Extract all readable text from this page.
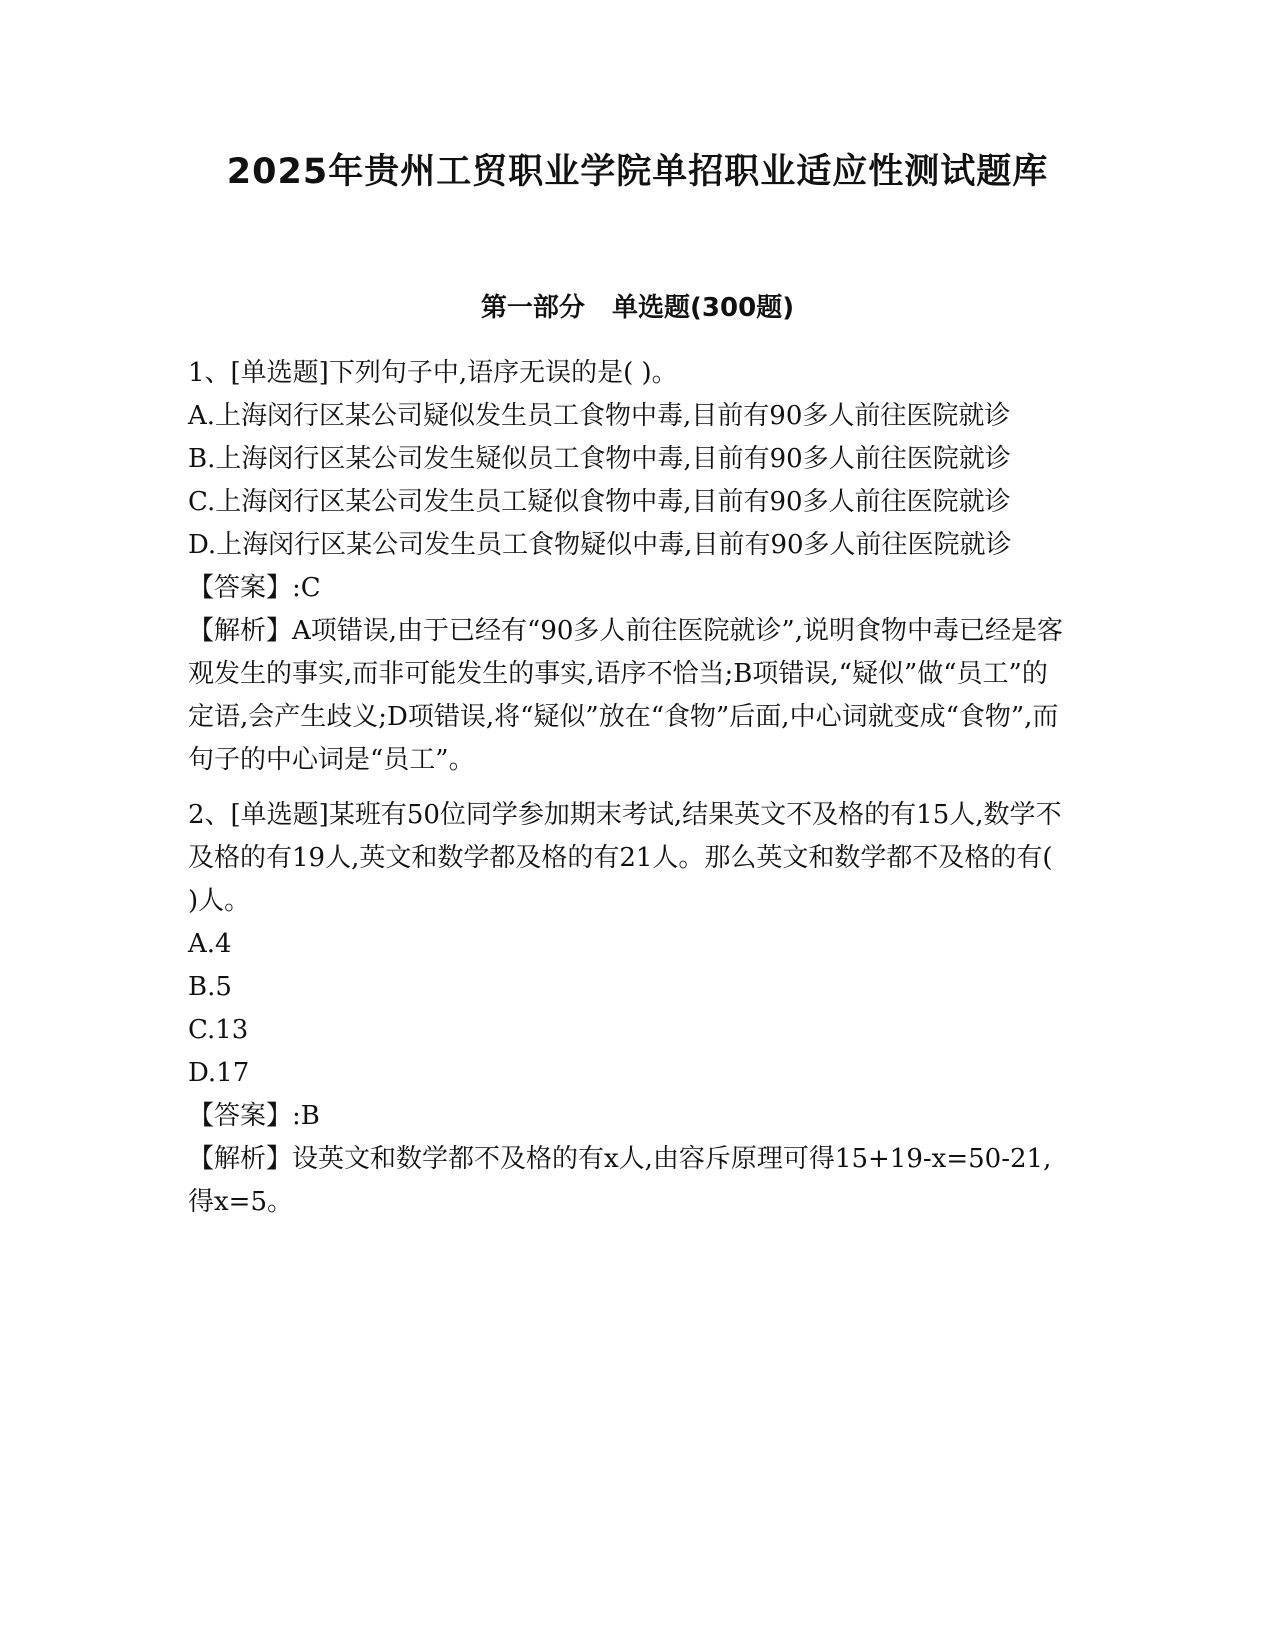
2025年贵州工贸职业学院单招职业适应性测试题库
第一部分   单选题(300题)

1、[单选题]下列句子中,语序无误的是( )。

A.上海闵行区某公司疑似发生员工食物中毒,目前有90多人前往医院就诊

B.上海闵行区某公司发生疑似员工食物中毒,目前有90多人前往医院就诊

C.上海闵行区某公司发生员工疑似食物中毒,目前有90多人前往医院就诊

D.上海闵行区某公司发生员工食物疑似中毒,目前有90多人前往医院就诊

【答案】:C

【解析】A项错误,由于已经有“90多人前往医院就诊”,说明食物中毒已经是客观发生的事实,而非可能发生的事实,语序不恰当;B项错误,“疑似”做“员工”的定语,会产生歧义;D项错误,将“疑似”放在“食物”后面,中心词就变成“食物”,而句子的中心词是“员工”。

2、[单选题]某班有50位同学参加期末考试,结果英文不及格的有15人,数学不及格的有19人,英文和数学都及格的有21人。那么英文和数学都不及格的有( )人。

A.4

B.5

C.13

D.17

【答案】:B

【解析】设英文和数学都不及格的有x人,由容斥原理可得15+19-x=50-21,得x=5。
